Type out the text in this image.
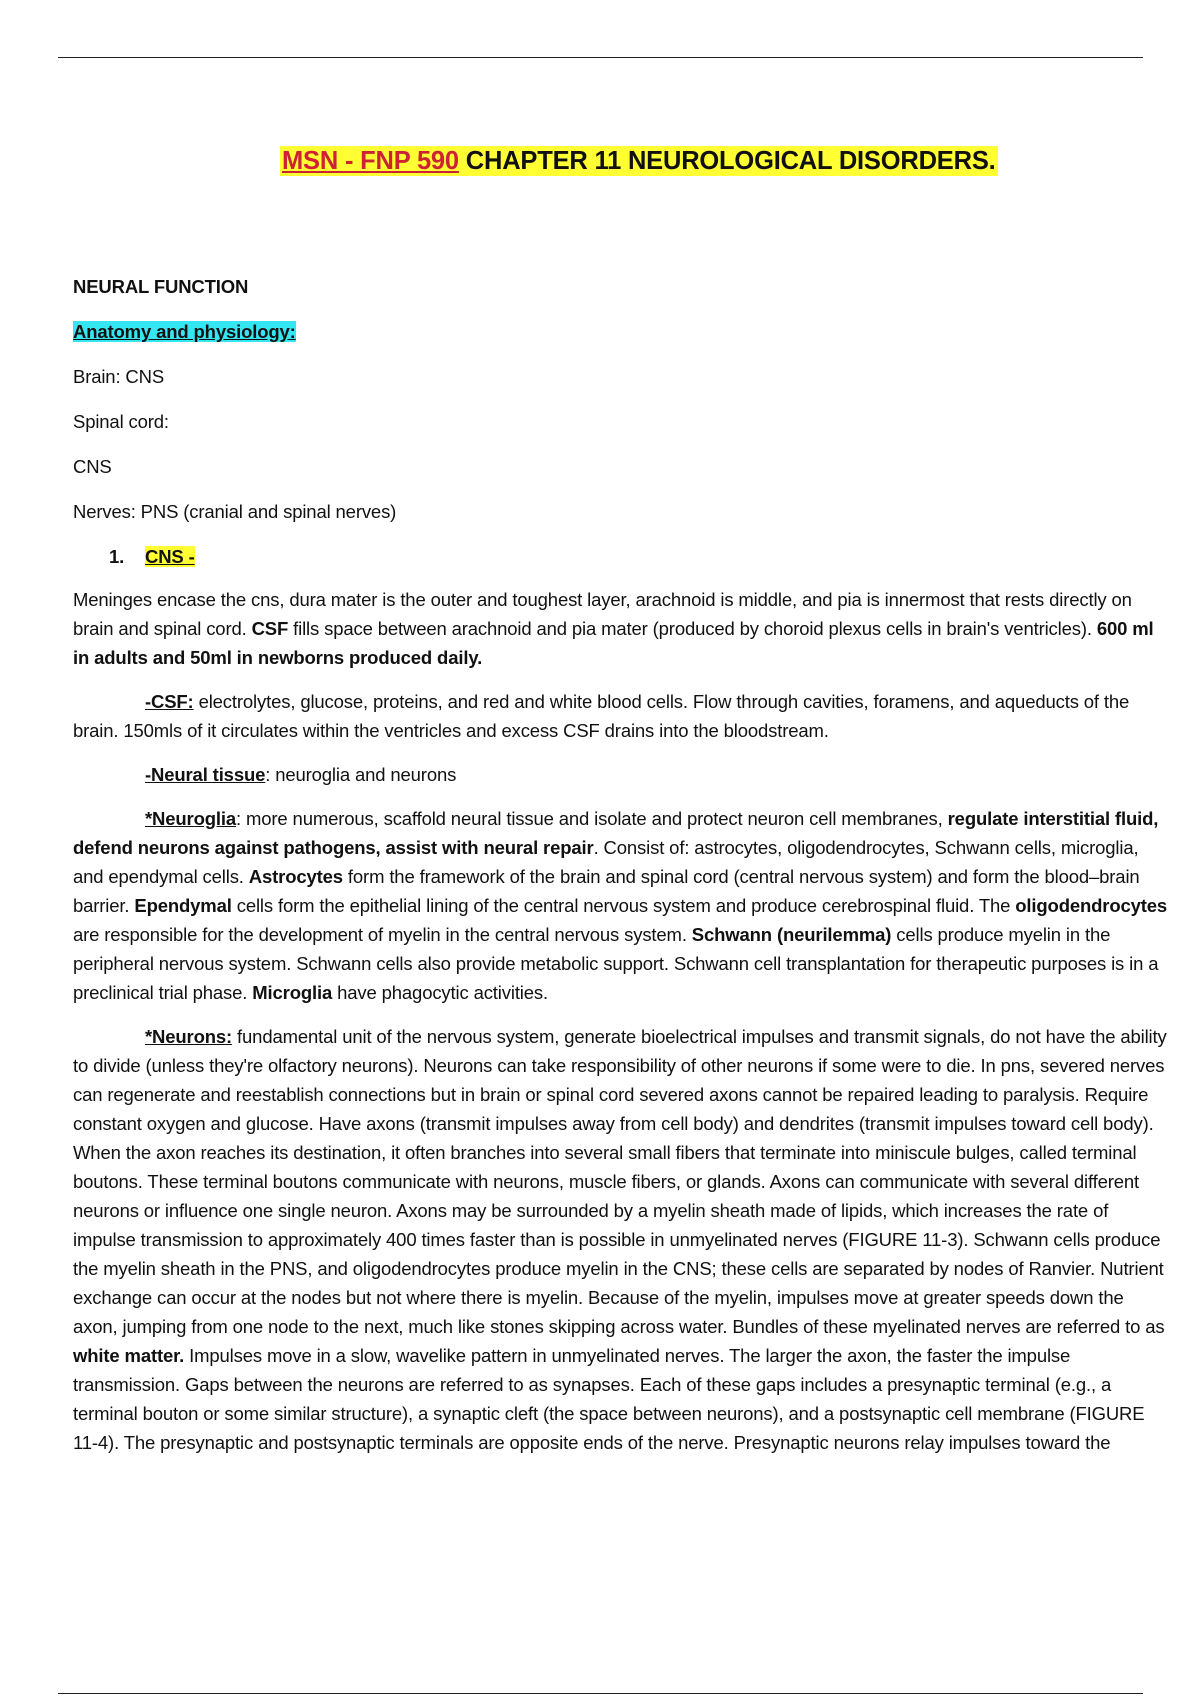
MSN - FNP 590 CHAPTER 11 NEUROLOGICAL DISORDERS.

NEURAL FUNCTION

Anatomy and physiology:

Brain: CNS

Spinal cord:

CNS

Nerves: PNS (cranial and spinal nerves)

1. CNS -

Meninges encase the cns, dura mater is the outer and toughest layer, arachnoid is middle, and pia is innermost that rests directly on brain and spinal cord. CSF fills space between arachnoid and pia mater (produced by choroid plexus cells in brain's ventricles). 600 ml in adults and 50ml in newborns produced daily.

-CSF: electrolytes, glucose, proteins, and red and white blood cells. Flow through cavities, foramens, and aqueducts of the brain. 150mls of it circulates within the ventricles and excess CSF drains into the bloodstream.

-Neural tissue: neuroglia and neurons

*Neuroglia: more numerous, scaffold neural tissue and isolate and protect neuron cell membranes, regulate interstitial fluid, defend neurons against pathogens, assist with neural repair. Consist of: astrocytes, oligodendrocytes, Schwann cells, microglia, and ependymal cells. Astrocytes form the framework of the brain and spinal cord (central nervous system) and form the blood–brain barrier. Ependymal cells form the epithelial lining of the central nervous system and produce cerebrospinal fluid. The oligodendrocytes are responsible for the development of myelin in the central nervous system. Schwann (neurilemma) cells produce myelin in the peripheral nervous system. Schwann cells also provide metabolic support. Schwann cell transplantation for therapeutic purposes is in a preclinical trial phase. Microglia have phagocytic activities.

*Neurons: fundamental unit of the nervous system, generate bioelectrical impulses and transmit signals, do not have the ability to divide (unless they're olfactory neurons). Neurons can take responsibility of other neurons if some were to die. In pns, severed nerves can regenerate and reestablish connections but in brain or spinal cord severed axons cannot be repaired leading to paralysis. Require constant oxygen and glucose. Have axons (transmit impulses away from cell body) and dendrites (transmit impulses toward cell body). When the axon reaches its destination, it often branches into several small fibers that terminate into miniscule bulges, called terminal boutons. These terminal boutons communicate with neurons, muscle fibers, or glands. Axons can communicate with several different neurons or influence one single neuron. Axons may be surrounded by a myelin sheath made of lipids, which increases the rate of impulse transmission to approximately 400 times faster than is possible in unmyelinated nerves (FIGURE 11-3). Schwann cells produce the myelin sheath in the PNS, and oligodendrocytes produce myelin in the CNS; these cells are separated by nodes of Ranvier. Nutrient exchange can occur at the nodes but not where there is myelin. Because of the myelin, impulses move at greater speeds down the axon, jumping from one node to the next, much like stones skipping across water. Bundles of these myelinated nerves are referred to as white matter. Impulses move in a slow, wavelike pattern in unmyelinated nerves. The larger the axon, the faster the impulse transmission. Gaps between the neurons are referred to as synapses. Each of these gaps includes a presynaptic terminal (e.g., a terminal bouton or some similar structure), a synaptic cleft (the space between neurons), and a postsynaptic cell membrane (FIGURE 11-4). The presynaptic and postsynaptic terminals are opposite ends of the nerve. Presynaptic neurons relay impulses toward the
